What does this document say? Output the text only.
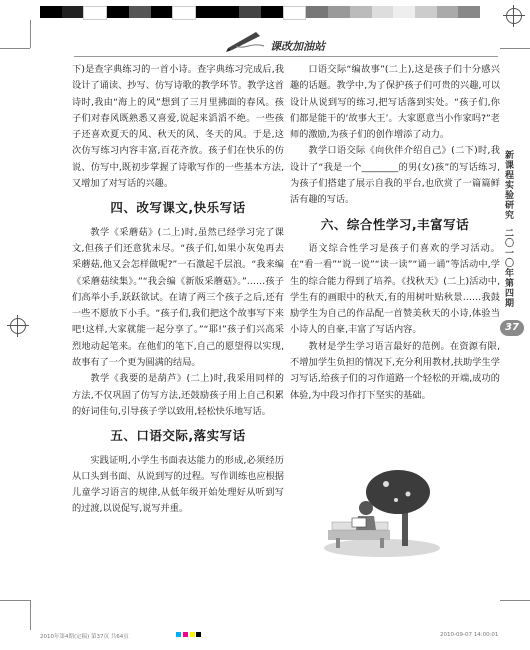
课改加油站

下)是查字典练习的一首小诗。查字典练习完成后,我设计了诵读、抄写、仿写诗歌的教学环节。教学这首诗时,我由“海上的风”想到了三月里拂面的春风。孩子们对春风既熟悉又喜爱,说起来滔滔不绝。一些孩子还喜欢夏天的风、秋天的风、冬天的风。于是,这次仿写练习内容丰富,百花齐放。孩子们在快乐的仿说、仿写中,既初步掌握了诗歌写作的一些基本方法,又增加了对写话的兴趣。

四、改写课文,快乐写话

教学《采蘑菇》(二上)时,虽然已经学习完了课文,但孩子们还意犹未尽。“孩子们,如果小灰兔再去采蘑菇,他又会怎样做呢?”一石激起千层浪。“我来编《采蘑菇续集》。”“我会编《新版采蘑菇》。”……孩子们高举小手,跃跃欲试。在请了两三个孩子之后,还有一些不愿放下小手。“孩子们,我们把这个故事写下来吧!这样,大家就能一起分享了。”“耶!”孩子们兴高采烈地动起笔来。在他们的笔下,自己的愿望得以实现,故事有了一个更为圆满的结局。

教学《我要的是葫芦》(二上)时,我采用同样的方法,不仅巩固了仿写方法,还鼓励孩子用上自己积累的好词佳句,引导孩子学以致用,轻松快乐地写话。

五、口语交际,落实写话

实践证明,小学生书面表达能力的形成,必须经历从口头到书面、从说到写的过程。写作训练也应根据儿童学习语言的规律,从低年级开始处理好从听到写的过渡,以说促写,说写并重。

口语交际“编故事”(二上),这是孩子们十分感兴趣的话题。教学中,为了保护孩子们可贵的兴趣,可以设计从说到写的练习,把写话落到实处。“孩子们,你们都是能干的‘故事大王’。大家愿意当小作家吗?”老师的激励,为孩子们的创作增添了动力。

教学口语交际《向伙伴介绍自己》(二下)时,我设计了“我是一个________的男(女)孩”的写话练习,为孩子们搭建了展示自我的平台,也欣赏了一篇篇鲜活有趣的写话。

六、综合性学习,丰富写话

语文综合性学习是孩子们喜欢的学习活动。在“看一看”“说一说”“读一读”“诵一诵”等活动中,学生的综合能力得到了培养。《找秋天》(二上)活动中,学生有的画眼中的秋天,有的用树叶贴秋景……我鼓励学生为自己的作品配一首赞美秋天的小诗,体验当小诗人的自豪,丰富了写话内容。

教材是学生学习语言最好的范例。在资源有限,不增加学生负担的情况下,充分利用教材,扶助学生学习写话,给孩子们的习作道路一个轻松的开端,成功的体验,为中段习作打下坚实的基础。

新课程实验研究
二〇一〇年第四期
37
2010年第4期(定稿) 第37页 共64页
	2010-09-07 14:00:01
